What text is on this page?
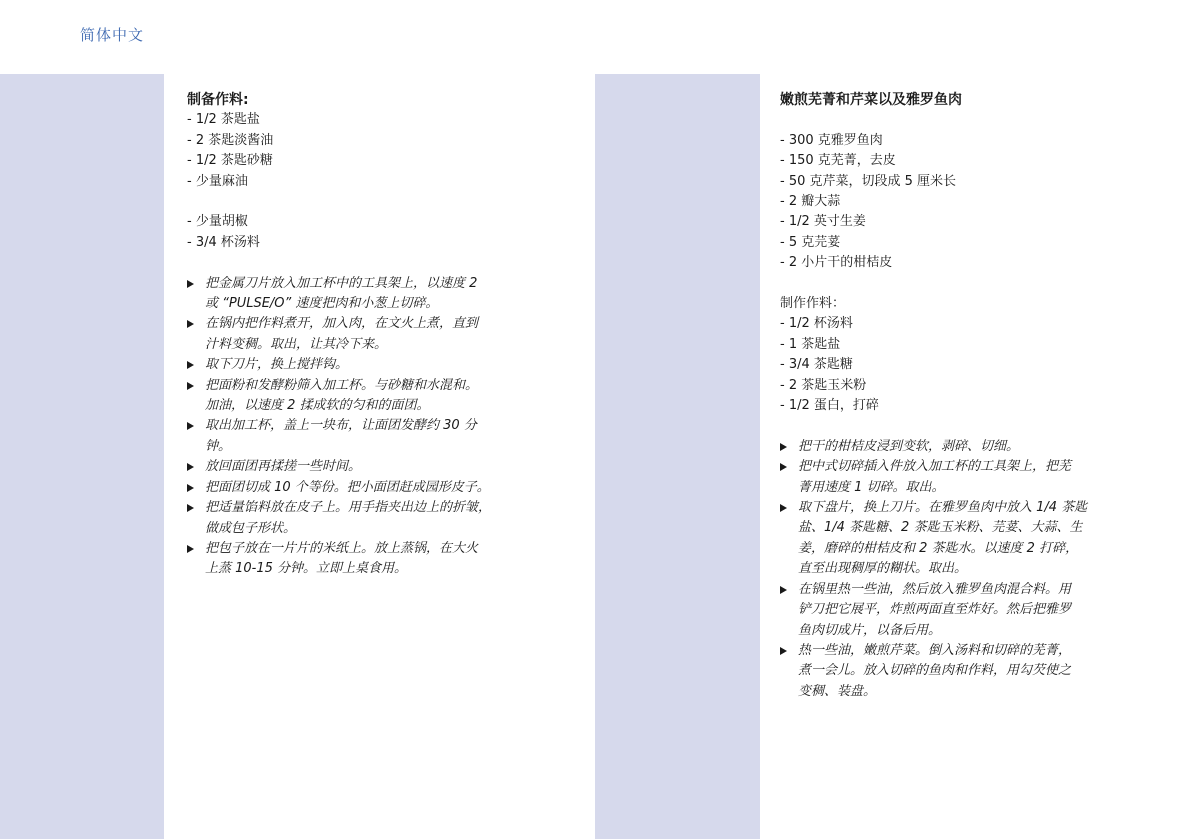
简体中文
制备作料:
- 1/2 茶匙盐
- 2 茶匙淡酱油
- 1/2 茶匙砂糖
- 少量麻油
- 少量胡椒
- 3/4 杯汤料
把金属刀片放入加工杯中的工具架上，以速度 2
或 “PULSE/O” 速度把肉和小葱上切碎。
在锅内把作料煮开，加入肉，在文火上煮，直到
汁料变稠。取出，让其冷下来。
取下刀片，换上搅拌钩。
把面粉和发酵粉筛入加工杯。与砂糖和水混和。
加油，以速度 2 揉成软的匀和的面团。
取出加工杯，盖上一块布，让面团发酵约 30 分
钟。
放回面团再揉搓一些时间。
把面团切成 10 个等份。把小面团赶成园形皮子。
把适量馅料放在皮子上。用手指夹出边上的折皱，
做成包子形状。
把包子放在一片片的米纸上。放上蒸锅，在大火
上蒸 10-15 分钟。立即上桌食用。
嫩煎芜菁和芹菜以及雅罗鱼肉
- 300 克雅罗鱼肉
- 150 克芜菁，去皮
- 50 克芹菜，切段成 5 厘米长
- 2 瓣大蒜
- 1/2 英寸生姜
- 5 克芫荽
- 2 小片干的柑桔皮
制作作料：
- 1/2 杯汤料
- 1 茶匙盐
- 3/4 茶匙糖
- 2 茶匙玉米粉
- 1/2 蛋白，打碎
把干的柑桔皮浸到变软，剥碎、切细。
把中式切碎插入件放入加工杯的工具架上，把芜
菁用速度 1 切碎。取出。
取下盘片，换上刀片。在雅罗鱼肉中放入 1/4 茶匙
盐、1/4 茶匙糖、2 茶匙玉米粉、芫荽、大蒜、生
姜，磨碎的柑桔皮和 2 茶匙水。以速度 2 打碎，
直至出现稠厚的糊状。取出。
在锅里热一些油，然后放入雅罗鱼肉混合料。用
铲刀把它展平，炸煎两面直至炸好。然后把雅罗
鱼肉切成片，以备后用。
热一些油，嫩煎芹菜。倒入汤料和切碎的芜菁，
煮一会儿。放入切碎的鱼肉和作料，用勾芡使之
变稠、装盘。
